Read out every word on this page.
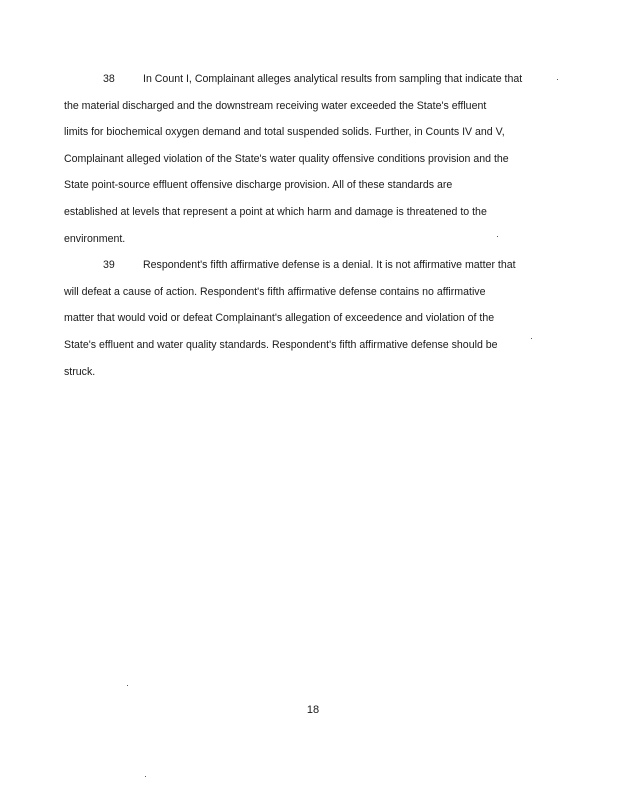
38	In Count I, Complainant alleges analytical results from sampling that indicate that
the material discharged and the downstream receiving water exceeded the State's effluent
limits for biochemical oxygen demand and total suspended solids. Further, in Counts IV and V,
Complainant alleged violation of the State's water quality offensive conditions provision and the
State point-source effluent offensive discharge provision. All of these standards are
established at levels that represent a point at which harm and damage is threatened to the
environment.
39	Respondent's fifth affirmative defense is a denial. It is not affirmative matter that
will defeat a cause of action. Respondent's fifth affirmative defense contains no affirmative
matter that would void or defeat Complainant's allegation of exceedence and violation of the
State's effluent and water quality standards. Respondent's fifth affirmative defense should be
struck.
18
